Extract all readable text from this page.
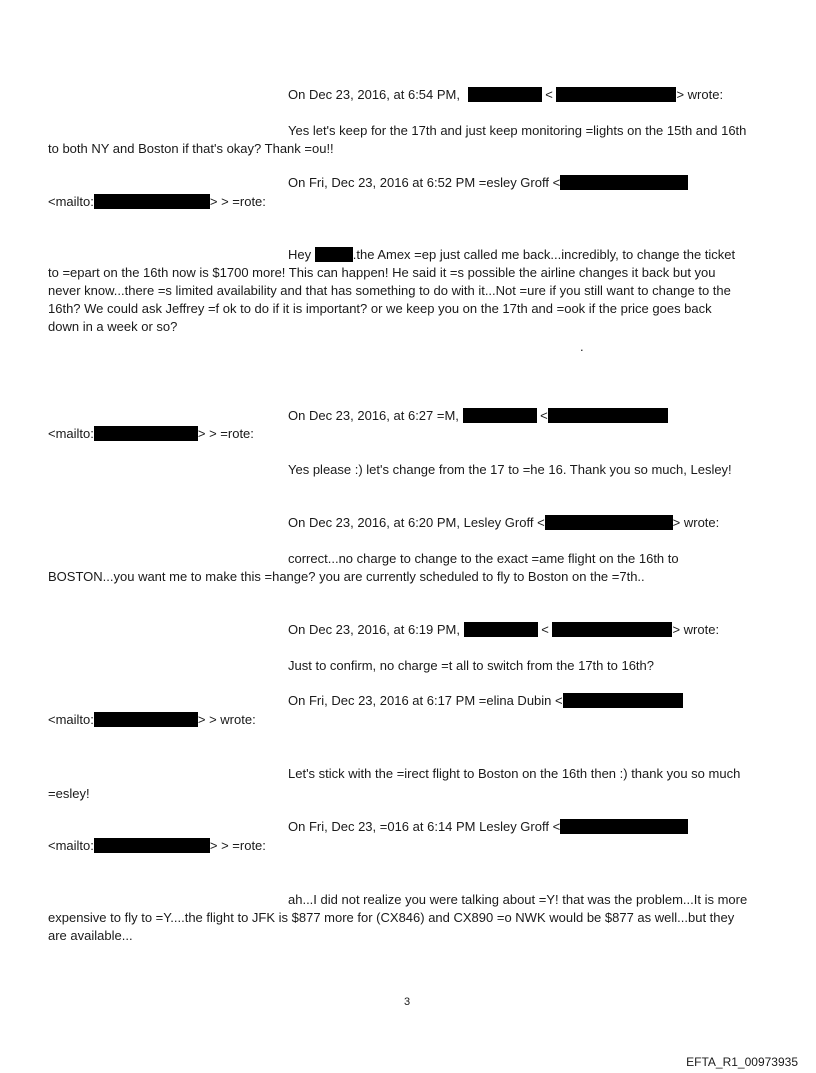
On Dec 23, 2016, at 6:54 PM,	<	> wrote:
Yes let's keep for the 17th and just keep monitoring =lights on the 15th and 16th
to both NY and Boston if that's okay? Thank =ou!!
On Fri, Dec 23, 2016 at 6:52 PM =esley Groff <
<mailto:	> > =rote:
Hey	.the Amex =ep just called me back...incredibly, to change the ticket
to =epart on the 16th now is $1700 more! This can happen! He said it =s possible the airline changes it back but you
never know...there =s limited availability and that has something to do with it...Not =ure if you still want to change to the
16th? We could ask Jeffrey =f ok to do if it is important? or we keep you on the 17th and =ook if the price goes back
down in a week or so?
.
On Dec 23, 2016, at 6:27 =M,	<
<mailto:	> > =rote:
Yes please :) let's change from the 17 to =he 16. Thank you so much, Lesley!
On Dec 23, 2016, at 6:20 PM, Lesley Groff <	> wrote:
correct...no charge to change to the exact =ame flight on the 16th to
BOSTON...you want me to make this =hange? you are currently scheduled to fly to Boston on the =7th..
On Dec 23, 2016, at 6:19 PM,	<	> wrote:
Just to confirm, no charge =t all to switch from the 17th to 16th?
On Fri, Dec 23, 2016 at 6:17 PM =elina Dubin <
<mailto:	> > wrote:
Let's stick with the =irect flight to Boston on the 16th then :) thank you so much
=esley!
On Fri, Dec 23, =016 at 6:14 PM Lesley Groff <
<mailto:	> > =rote:
ah...I did not realize you were talking about =Y! that was the problem...It is more
expensive to fly to =Y....the flight to JFK is $877 more for (CX846) and CX890 =o NWK would be $877 as well...but they
are available...
3
EFTA_R1_00973935
